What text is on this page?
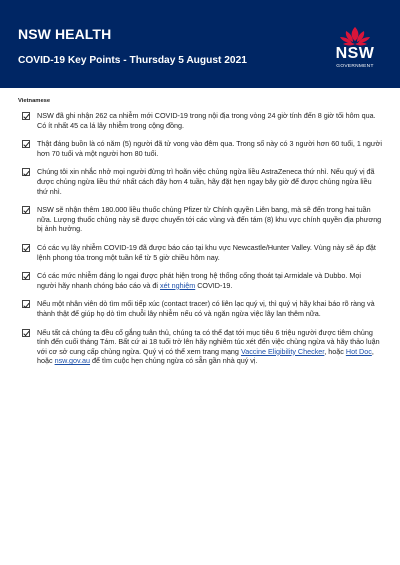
NSW HEALTH
COVID-19 Key Points - Thursday 5 August 2021	NSW
GOVERNMENT
Vietnamese
NSW đã ghi nhận 262 ca nhiễm mới COVID-19 trong nội địa trong vòng 24 giờ tính đến 8 giờ tối hôm qua. Có ít nhất 45 ca lá lây nhiễm trong cộng đồng.
Thật đáng buồn là có năm (5) người đã tử vong vào đêm qua. Trong số này có 3 người hơn 60 tuổi, 1 người hơn 70 tuổi và một người hơn 80 tuổi.
Chúng tôi xin nhắc nhở mọi người đừng trì hoãn việc chủng ngừa liều AstraZeneca thứ nhì. Nếu quý vị đã được chủng ngừa liều thứ nhất cách đây hơn 4 tuần, hãy đặt hẹn ngay bây giờ để được chủng ngừa liều thứ nhì.
NSW sẽ nhận thêm 180.000 liều thuốc chủng Pfizer từ Chính quyền Liên bang, mà sẽ đến trong hai tuần nữa. Lượng thuốc chủng này sẽ được chuyển tới các vùng và đến tám (8) khu vực chính quyền địa phương bị ảnh hưởng.
Có các vụ lây nhiễm COVID-19 đã được báo cáo tại khu vực Newcastle/Hunter Valley. Vùng này sẽ áp đặt lệnh phong tỏa trong một tuần kể từ 5 giờ chiều hôm nay.
Có các mức nhiễm đáng lo ngại được phát hiện trong hệ thống cống thoát tại Armidale và Dubbo. Mọi người hãy nhanh chóng báo cáo và đi xét nghiệm COVID-19.
Nếu một nhân viên dò tìm mối tiếp xúc (contact tracer) có liên lạc quý vị, thì quý vị hãy khai báo rõ ràng và thành thật để giúp họ dò tìm chuỗi lây nhiễm nếu có và ngăn ngừa việc lây lan thêm nữa.
Nếu tất cả chúng ta đều cố gắng tuân thủ, chúng ta có thể đạt tới mục tiêu 6 triệu người được tiêm chủng tính đến cuối tháng Tám. Bất cứ ai 18 tuổi trở lên hãy nghiêm túc xét đến việc chủng ngừa và hãy thảo luận với cơ sở cung cấp chủng ngừa. Quý vị có thể xem trang mạng Vaccine Eligibility Checker, hoặc Hot Doc, hoặc nsw.gov.au để tìm cuộc hẹn chủng ngừa có sẵn gần nhà quý vị.
